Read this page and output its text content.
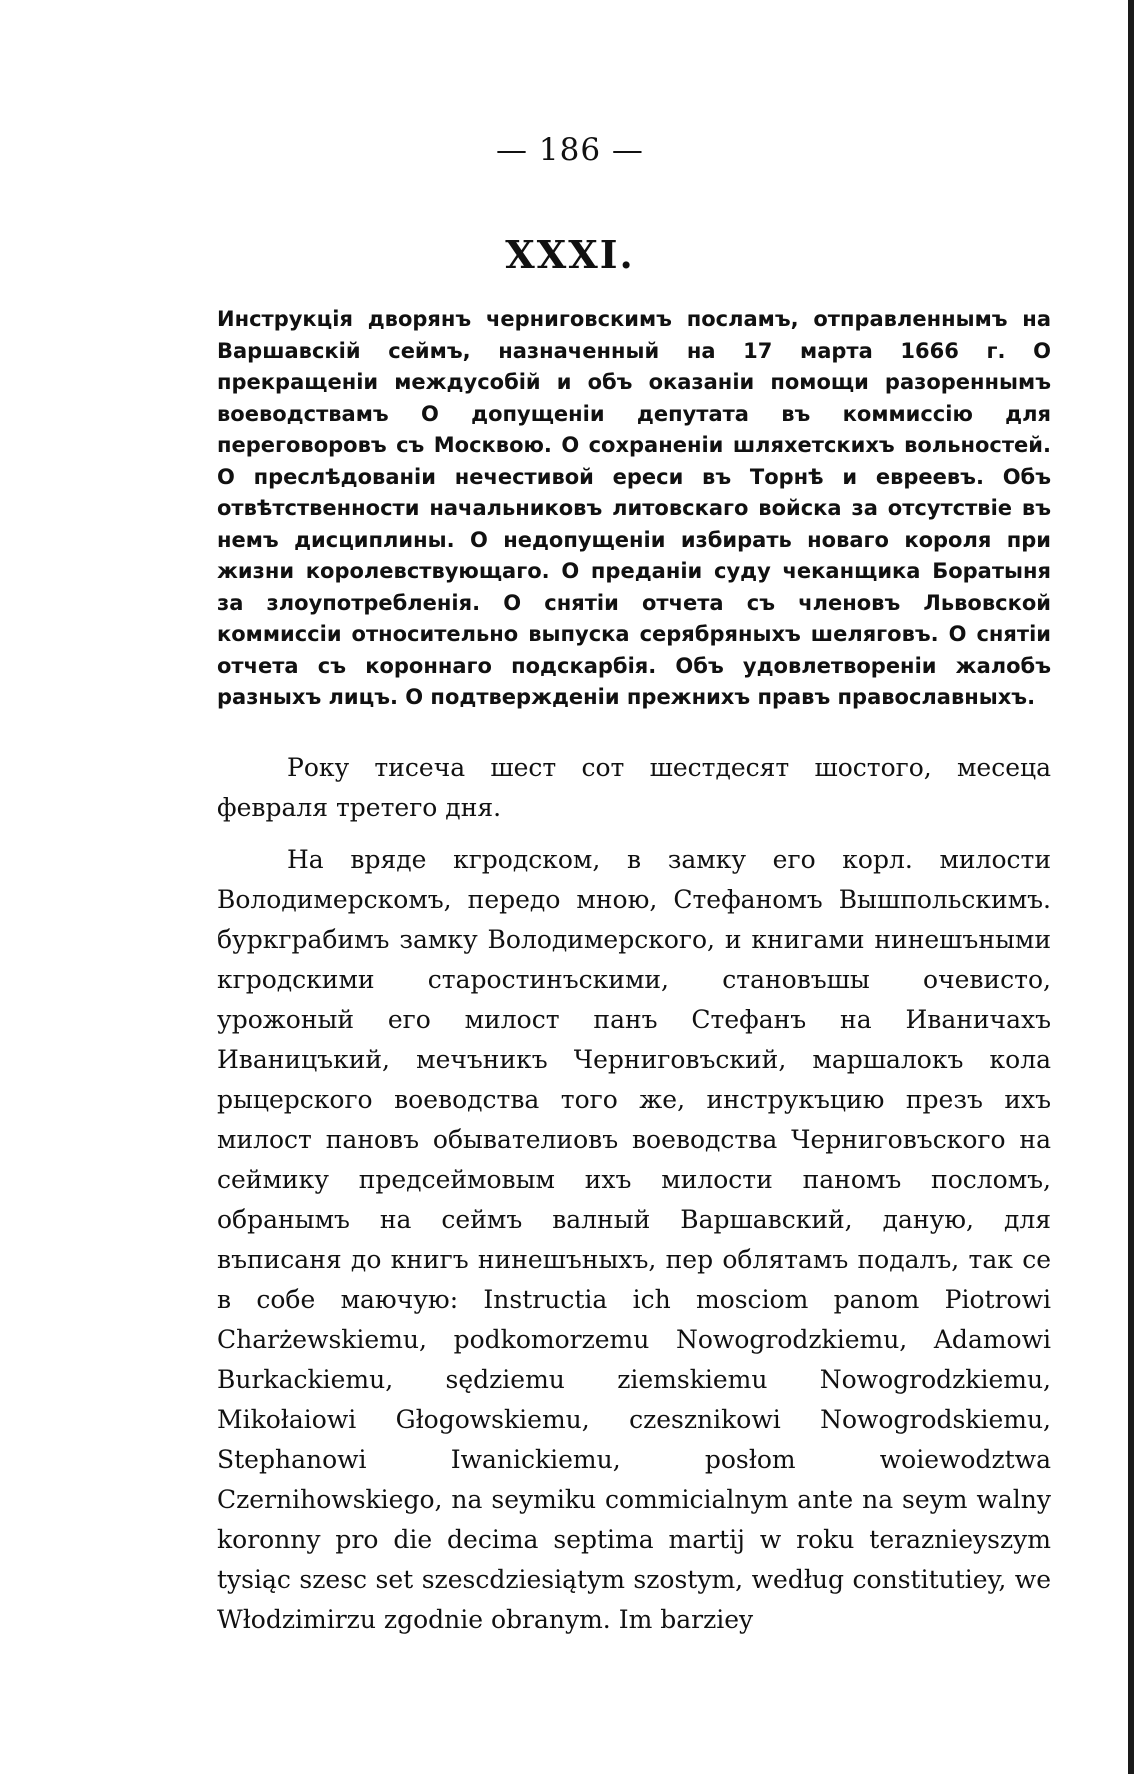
— 186 —
XXXI.

Инструкція дворянъ черниговскимъ посламъ, отправленнымъ на Варшавскій сеймъ, назначенный на 17 марта 1666 г. О прекращеніи междусобій и объ оказаніи помощи разореннымъ воеводствамъ О допущеніи депутата въ коммиссію для переговоровъ съ Москвою. О сохраненіи шляхетскихъ вольностей. О преслѣдованіи нечестивой ереси въ Торнѣ и евреевъ. Объ отвѣтственности начальниковъ литовскаго войска за отсутствіе въ немъ дисциплины. О недопущеніи избирать новаго короля при жизни королевствующаго. О преданіи суду чеканщика Боратыня за злоупотребленія. О снятіи отчета съ членовъ Львовской коммиссіи относительно выпуска серябряныхъ шеляговъ. О снятіи отчета съ короннаго подскарбія. Объ удовлетвореніи жалобъ разныхъ лицъ. О подтвержденіи прежнихъ правъ православныхъ.

Року тисеча шест сот шестдесят шостого, месеца февраля третего дня.

На вряде кгродском, в замку его корл. милости Володимерскомъ, передо мною, Стефаномъ Вышпольскимъ. буркграбимъ замку Володимерского, и книгами нинешъными кгродскими старостинъскими, становъшы очевисто, урожоный его милост панъ Стефанъ на Иваничахъ Иваницъкий, мечъникъ Черниговъский, маршалокъ кола рыцерского воеводства того же, инструкъцию презъ ихъ милост пановъ обывателиовъ воеводства Черниговъского на сеймику предсеймовым ихъ милости паномъ посломъ, обранымъ на сеймъ валный Варшавский, даную, для въписаня до книгъ нинешъныхъ, пер облятамъ подалъ, так се в собе маючую: Instructia ich mosciom panom Piotrowi Charżewskiemu, podkomorzemu Nowogrodzkiemu, Adamowi Burkackiemu, sędziemu ziemskiemu Nowogrodzkiemu, Mikołaiowi Głogowskiemu, czesznikowi Nowogrodskiemu, Stephanowi Iwanickiemu, posłom woiewodztwa Czernihowskiego, na seymiku commicialnym ante na seym walny koronny pro die decima septima martij w roku teraznieyszym tysiąc szesc set szescdziesiątym szostym, według constitutiey, we Włodzimirzu zgodnie obranym. Im barziey
